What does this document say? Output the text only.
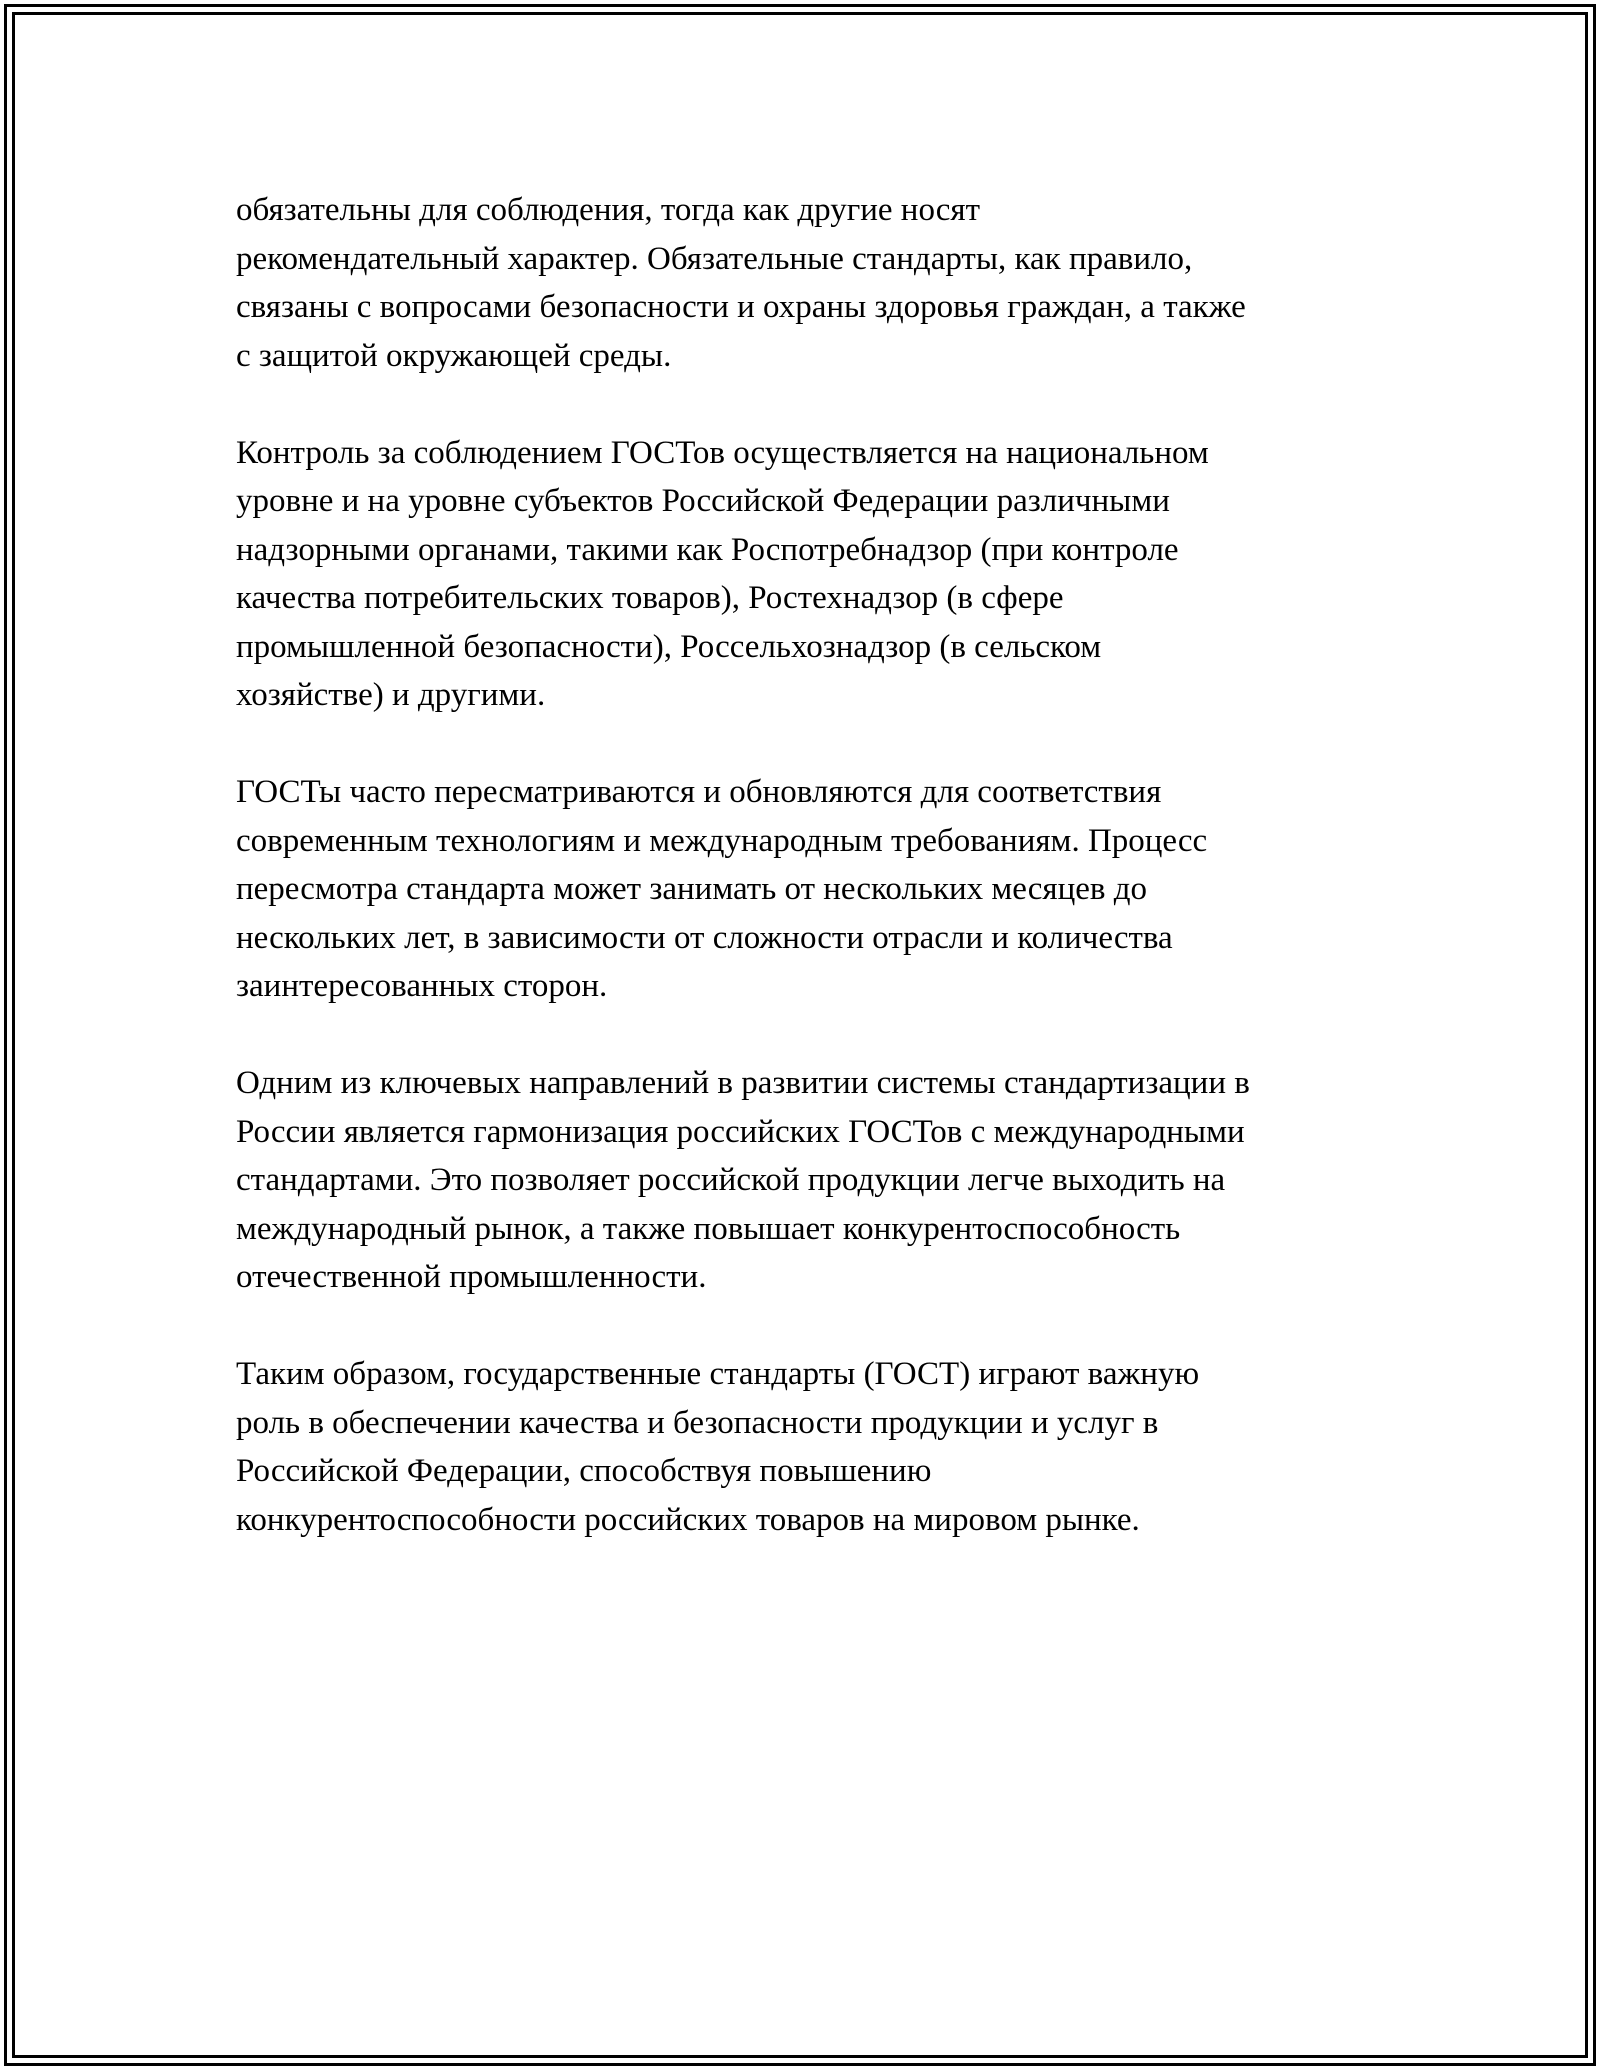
обязательны для соблюдения, тогда как другие носят
рекомендательный характер. Обязательные стандарты, как правило,
связаны с вопросами безопасности и охраны здоровья граждан, а также
с защитой окружающей среды.

Контроль за соблюдением ГОСТов осуществляется на национальном
уровне и на уровне субъектов Российской Федерации различными
надзорными органами, такими как Роспотребнадзор (при контроле
качества потребительских товаров), Ростехнадзор (в сфере
промышленной безопасности), Россельхознадзор (в сельском
хозяйстве) и другими.

ГОСТы часто пересматриваются и обновляются для соответствия
современным технологиям и международным требованиям. Процесс
пересмотра стандарта может занимать от нескольких месяцев до
нескольких лет, в зависимости от сложности отрасли и количества
заинтересованных сторон.

Одним из ключевых направлений в развитии системы стандартизации в
России является гармонизация российских ГОСТов с международными
стандартами. Это позволяет российской продукции легче выходить на
международный рынок, а также повышает конкурентоспособность
отечественной промышленности.

Таким образом, государственные стандарты (ГОСТ) играют важную
роль в обеспечении качества и безопасности продукции и услуг в
Российской Федерации, способствуя повышению
конкурентоспособности российских товаров на мировом рынке.
